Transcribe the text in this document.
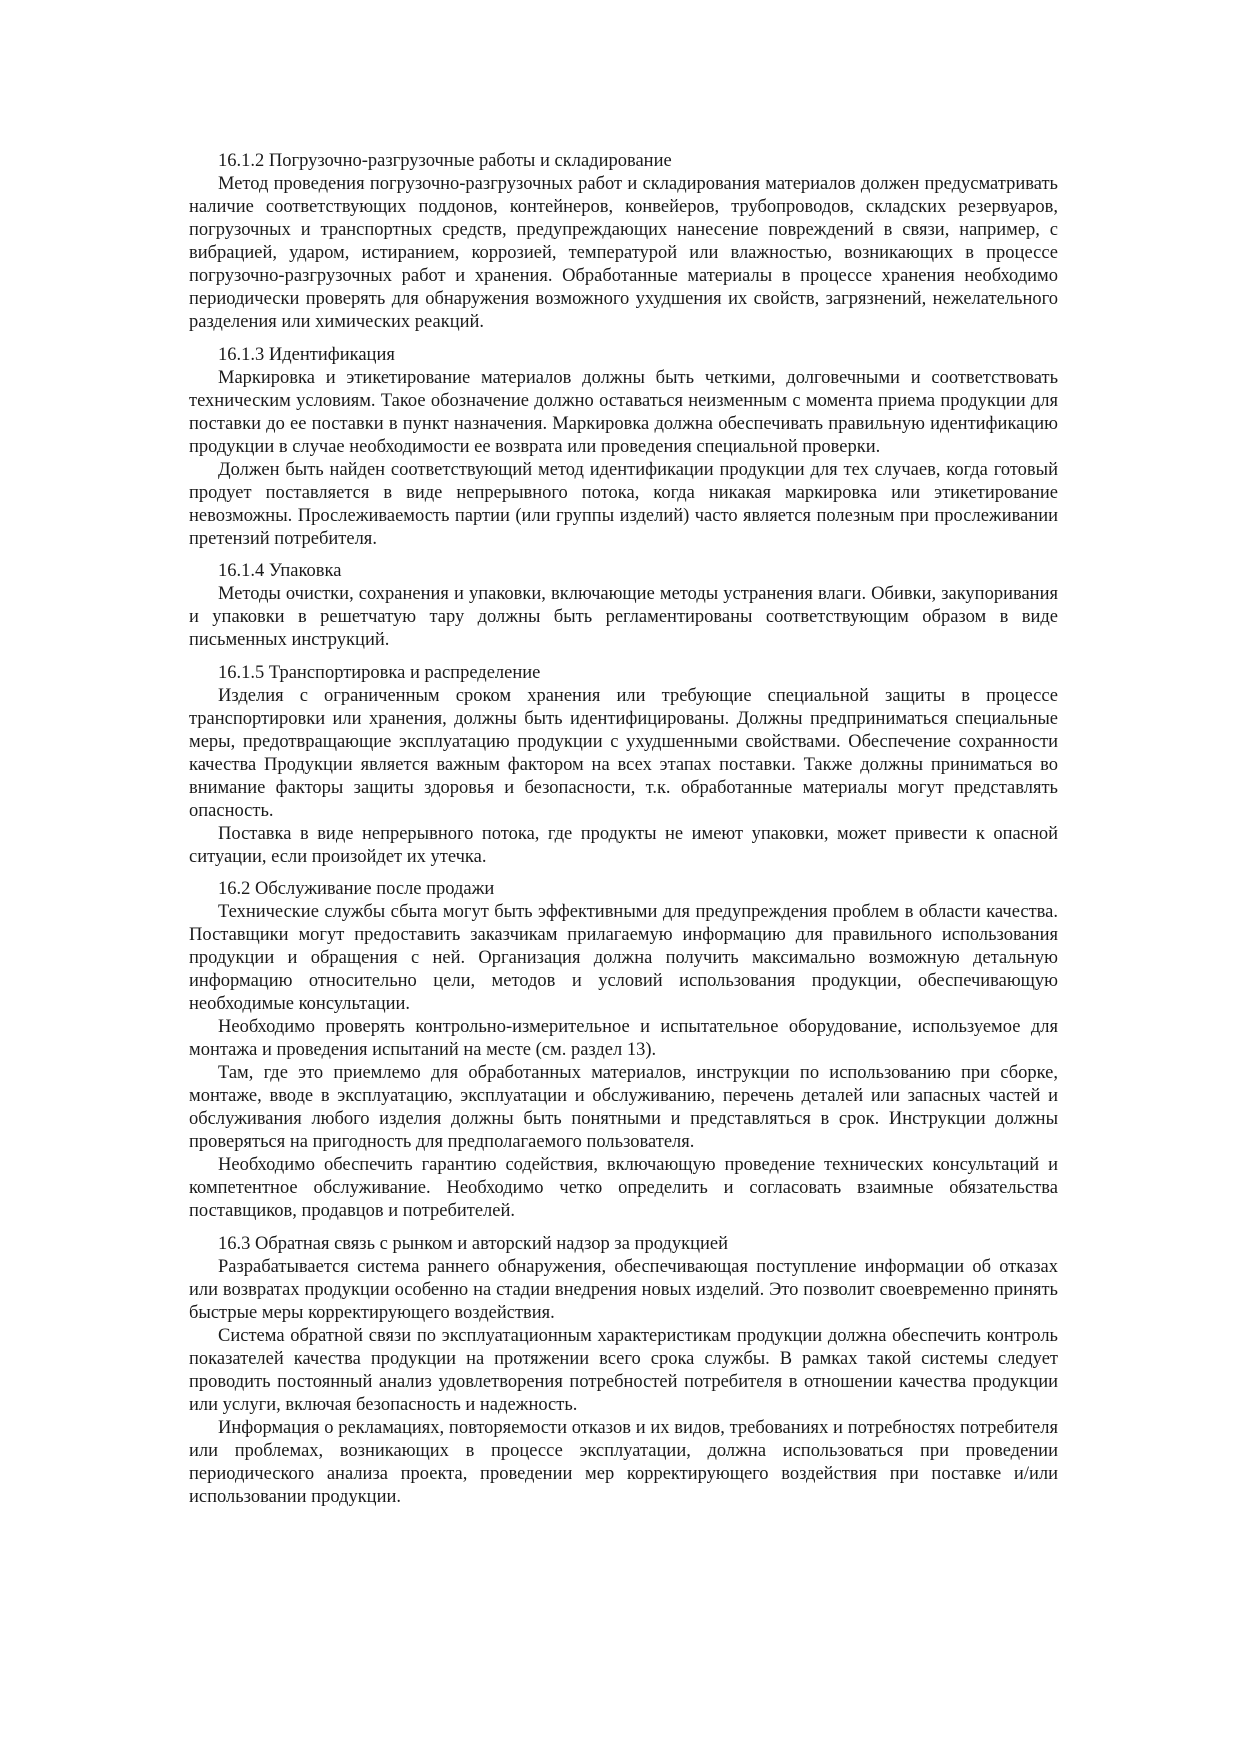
16.1.2 Погрузочно-разгрузочные работы и складирование

Метод проведения погрузочно-разгрузочных работ и складирования материалов должен предусматривать наличие соответствующих поддонов, контейнеров, конвейеров, трубопроводов, складских резервуаров, погрузочных и транспортных средств, предупреждающих нанесение повреждений в связи, например, с вибрацией, ударом, истиранием, коррозией, температурой или влажностью, возникающих в процессе погрузочно-разгрузочных работ и хранения. Обработанные материалы в процессе хранения необходимо периодически проверять для обнаружения возможного ухудшения их свойств, загрязнений, нежелательного разделения или химических реакций.

16.1.3 Идентификация

Маркировка и этикетирование материалов должны быть четкими, долговечными и соответствовать техническим условиям. Такое обозначение должно оставаться неизменным с момента приема продукции для поставки до ее поставки в пункт назначения. Маркировка должна обеспечивать правильную идентификацию продукции в случае необходимости ее возврата или проведения специальной проверки.

Должен быть найден соответствующий метод идентификации продукции для тех случаев, когда готовый продует поставляется в виде непрерывного потока, когда никакая маркировка или этикетирование невозможны. Прослеживаемость партии (или группы изделий) часто является полезным при прослеживании претензий потребителя.

16.1.4 Упаковка

Методы очистки, сохранения и упаковки, включающие методы устранения влаги. Обивки, закупоривания и упаковки в решетчатую тару должны быть регламентированы соответствующим образом в виде письменных инструкций.

16.1.5 Транспортировка и распределение

Изделия с ограниченным сроком хранения или требующие специальной защиты в процессе транспортировки или хранения, должны быть идентифицированы. Должны предприниматься специальные меры, предотвращающие эксплуатацию продукции с ухудшенными свойствами. Обеспечение сохранности качества Продукции является важным фактором на всех этапах поставки. Также должны приниматься во внимание факторы защиты здоровья и безопасности, т.к. обработанные материалы могут представлять опасность.

Поставка в виде непрерывного потока, где продукты не имеют упаковки, может привести к опасной ситуации, если произойдет их утечка.

16.2 Обслуживание после продажи

Технические службы сбыта могут быть эффективными для предупреждения проблем в области качества. Поставщики могут предоставить заказчикам прилагаемую информацию для правильного использования продукции и обращения с ней. Организация должна получить максимально возможную детальную информацию относительно цели, методов и условий использования продукции, обеспечивающую необходимые консультации.

Необходимо проверять контрольно-измерительное и испытательное оборудование, используемое для монтажа и проведения испытаний на месте (см. раздел 13).

Там, где это приемлемо для обработанных материалов, инструкции по использованию при сборке, монтаже, вводе в эксплуатацию, эксплуатации и обслуживанию, перечень деталей или запасных частей и обслуживания любого изделия должны быть понятными и представляться в срок. Инструкции должны проверяться на пригодность для предполагаемого пользователя.

Необходимо обеспечить гарантию содействия, включающую проведение технических консультаций и компетентное обслуживание. Необходимо четко определить и согласовать взаимные обязательства поставщиков, продавцов и потребителей.

16.3 Обратная связь с рынком и авторский надзор за продукцией

Разрабатывается система раннего обнаружения, обеспечивающая поступление информации об отказах или возвратах продукции особенно на стадии внедрения новых изделий. Это позволит своевременно принять быстрые меры корректирующего воздействия.

Система обратной связи по эксплуатационным характеристикам продукции должна обеспечить контроль показателей качества продукции на протяжении всего срока службы. В рамках такой системы следует проводить постоянный анализ удовлетворения потребностей потребителя в отношении качества продукции или услуги, включая безопасность и надежность.

Информация о рекламациях, повторяемости отказов и их видов, требованиях и потребностях потребителя или проблемах, возникающих в процессе эксплуатации, должна использоваться при проведении периодического анализа проекта, проведении мер корректирующего воздействия при поставке и/или использовании продукции.
